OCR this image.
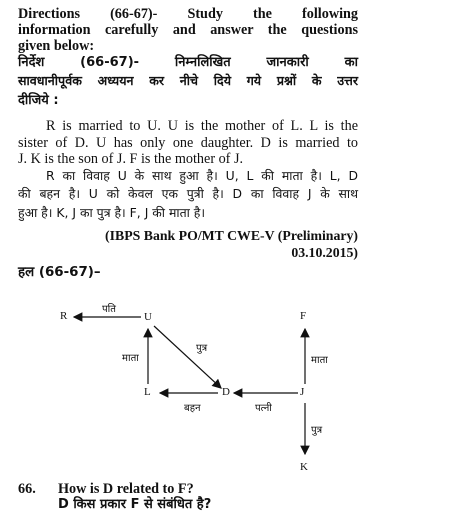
Directions (66-67)- Study the following
information carefully and answer the questions
given below:
निर्देश (66-67)- निम्नलिखित जानकारी का
सावधानीपूर्वक अध्ययन कर नीचे दिये गये प्रश्नों के उत्तर
दीजिये :
R is married to U. U is the mother of L. L is the
sister of D. U has only one daughter. D is married to
J. K is the son of J. F is the mother of J.
R का विवाह U के साथ हुआ है। U, L की माता है। L, D
की बहन है। U को केवल एक पुत्री है। D का विवाह J के साथ
हुआ है। K, J का पुत्र है। F, J की माता है।
(IBPS Bank PO/MT CWE-V (Preliminary)
03.10.2015)
हल (66-67)–
R	U
L	D	J
F
K
पति
माता
पुत्र
बहन	पत्नी
माता
पुत्र
66.	How is D related to F?
D किस प्रकार F से संबंधित है?
